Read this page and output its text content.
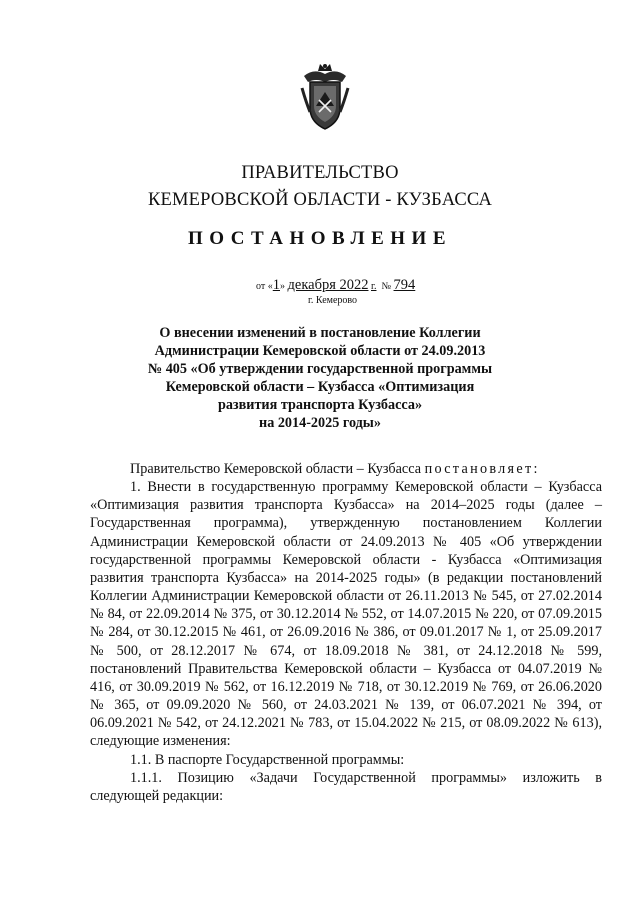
ПРАВИТЕЛЬСТВО
КЕМЕРОВСКОЙ ОБЛАСТИ - КУЗБАССА
ПОСТАНОВЛЕНИЕ
от «1» декабря 2022 г. № 794
г. Кемерово
О внесении изменений в постановление Коллегии
Администрации Кемеровской области от 24.09.2013
№ 405 «Об утверждении государственной программы
Кемеровской области – Кузбасса «Оптимизация
развития транспорта Кузбасса»
на 2014-2025 годы»

Правительство Кемеровской области – Кузбасса постановляет:

1. Внести в государственную программу Кемеровской области – Кузбасса «Оптимизация развития транспорта Кузбасса» на 2014–2025 годы (далее – Государственная программа), утвержденную постановлением Коллегии Администрации Кемеровской области от 24.09.2013 № 405 «Об утверждении государственной программы Кемеровской области - Кузбасса «Оптимизация развития транспорта Кузбасса» на 2014-2025 годы» (в редакции постановлений Коллегии Администрации Кемеровской области от 26.11.2013 № 545, от 27.02.2014 № 84, от 22.09.2014 № 375, от 30.12.2014 № 552, от 14.07.2015 № 220, от 07.09.2015 № 284, от 30.12.2015 № 461, от 26.09.2016 № 386, от 09.01.2017 № 1, от 25.09.2017 № 500, от 28.12.2017 № 674, от 18.09.2018 № 381, от 24.12.2018 № 599, постановлений Правительства Кемеровской области – Кузбасса от 04.07.2019 № 416, от 30.09.2019 № 562, от 16.12.2019 № 718, от 30.12.2019 № 769, от 26.06.2020 № 365, от 09.09.2020 № 560, от 24.03.2021 № 139, от 06.07.2021 № 394, от 06.09.2021 № 542, от 24.12.2021 № 783, от 15.04.2022 № 215, от 08.09.2022 № 613), следующие изменения:

1.1. В паспорте Государственной программы:

1.1.1. Позицию «Задачи Государственной программы» изложить в следующей редакции:
